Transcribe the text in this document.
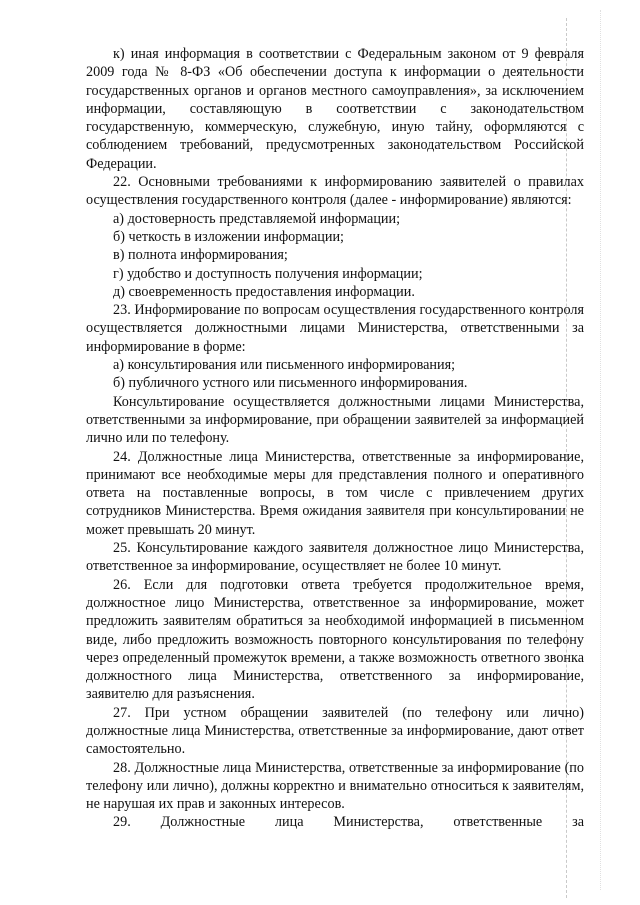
к) иная информация в соответствии с Федеральным законом от 9 февраля 2009 года № 8-ФЗ «Об обеспечении доступа к информации о деятельности государственных органов и органов местного самоуправления», за исключением информации, составляющую в соответствии с законодательством государственную, коммерческую, служебную, иную тайну, оформляются с соблюдением требований, предусмотренных законодательством Российской Федерации.

22. Основными требованиями к информированию заявителей о правилах осуществления государственного контроля (далее - информирование) являются:

а) достоверность представляемой информации;

б) четкость в изложении информации;

в) полнота информирования;

г) удобство и доступность получения информации;

д) своевременность предоставления информации.

23. Информирование по вопросам осуществления государственного контроля осуществляется должностными лицами Министерства, ответственными за информирование в форме:

а) консультирования или письменного информирования;

б) публичного устного или письменного информирования.

Консультирование осуществляется должностными лицами Министерства, ответственными за информирование, при обращении заявителей за информацией лично или по телефону.

24. Должностные лица Министерства, ответственные за информирование, принимают все необходимые меры для представления полного и оперативного ответа на поставленные вопросы, в том числе с привлечением других сотрудников Министерства. Время ожидания заявителя при консультировании не может превышать 20 минут.

25. Консультирование каждого заявителя должностное лицо Министерства, ответственное за информирование, осуществляет не более 10 минут.

26. Если для подготовки ответа требуется продолжительное время, должностное лицо Министерства, ответственное за информирование, может предложить заявителям обратиться за необходимой информацией в письменном виде, либо предложить возможность повторного консультирования по телефону через определенный промежуток времени, а также возможность ответного звонка должностного лица Министерства, ответственного за информирование, заявителю для разъяснения.

27. При устном обращении заявителей (по телефону или лично) должностные лица Министерства, ответственные за информирование, дают ответ самостоятельно.

28. Должностные лица Министерства, ответственные за информирование (по телефону или лично), должны корректно и внимательно относиться к заявителям, не нарушая их прав и законных интересов.

29. Должностные лица Министерства, ответственные за
